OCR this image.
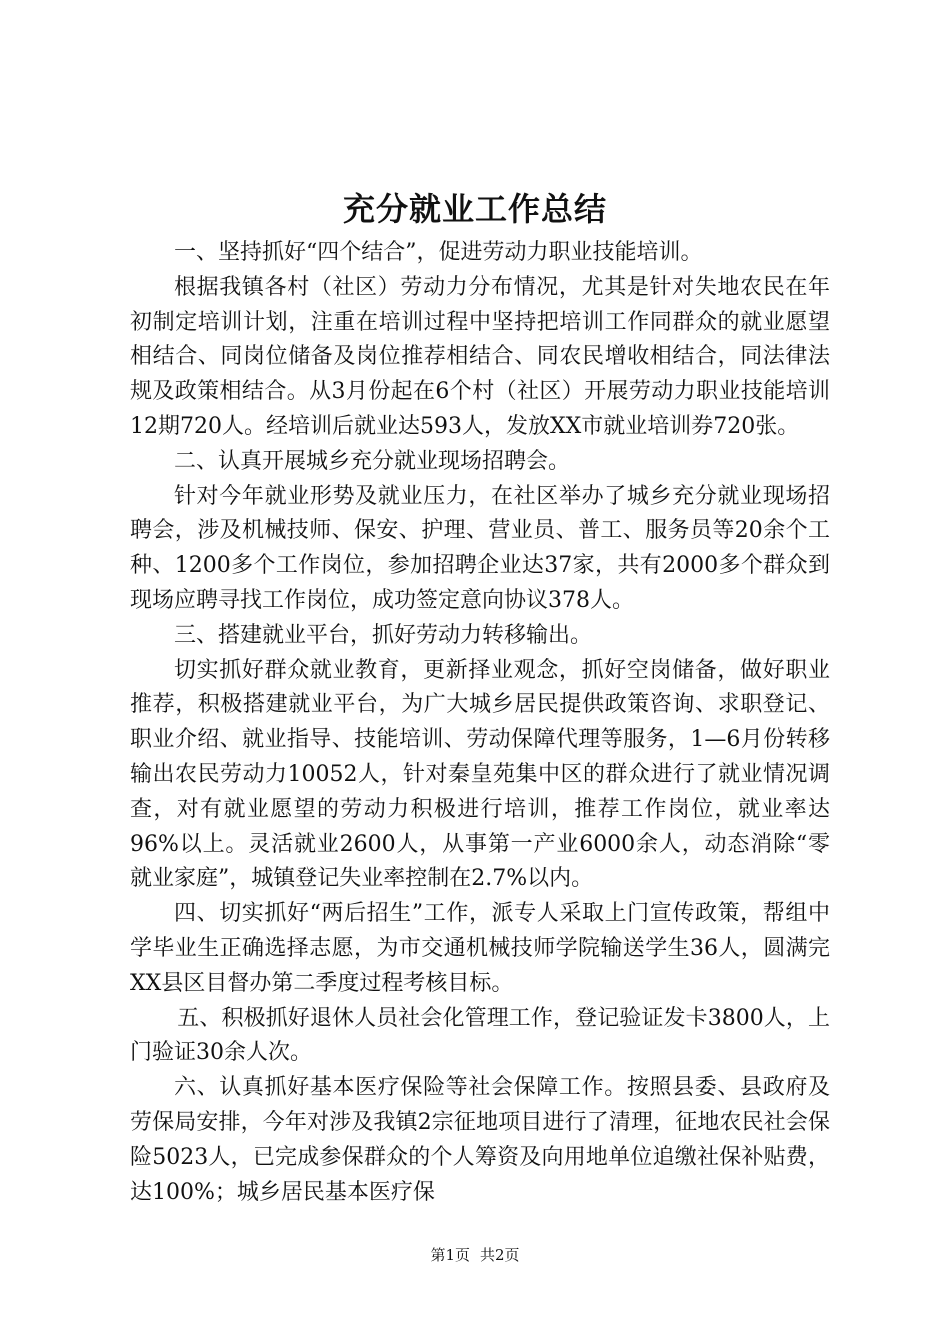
充分就业工作总结

一、坚持抓好“四个结合”，促进劳动力职业技能培训。

根据我镇各村（社区）劳动力分布情况，尤其是针对失地农民在年初制定培训计划，注重在培训过程中坚持把培训工作同群众的就业愿望相结合、同岗位储备及岗位推荐相结合、同农民增收相结合，同法律法规及政策相结合。从3月份起在6个村（社区）开展劳动力职业技能培训12期720人。经培训后就业达593人，发放XX市就业培训券720张。

二、认真开展城乡充分就业现场招聘会。

针对今年就业形势及就业压力，在社区举办了城乡充分就业现场招聘会，涉及机械技师、保安、护理、营业员、普工、服务员等20余个工种、1200多个工作岗位，参加招聘企业达37家，共有2000多个群众到现场应聘寻找工作岗位，成功签定意向协议378人。

三、搭建就业平台，抓好劳动力转移输出。

切实抓好群众就业教育，更新择业观念，抓好空岗储备，做好职业推荐，积极搭建就业平台，为广大城乡居民提供政策咨询、求职登记、职业介绍、就业指导、技能培训、劳动保障代理等服务，1—6月份转移输出农民劳动力10052人，针对秦皇苑集中区的群众进行了就业情况调查，对有就业愿望的劳动力积极进行培训，推荐工作岗位，就业率达96%以上。灵活就业2600人，从事第一产业6000余人，动态消除“零就业家庭”，城镇登记失业率控制在2.7%以内。

四、切实抓好“两后招生”工作，派专人采取上门宣传政策，帮组中学毕业生正确选择志愿，为市交通机械技师学院输送学生36人，圆满完XX县区目督办第二季度过程考核目标。

五、积极抓好退休人员社会化管理工作，登记验证发卡3800人，上门验证30余人次。

六、认真抓好基本医疗保险等社会保障工作。按照县委、县政府及劳保局安排，今年对涉及我镇2宗征地项目进行了清理，征地农民社会保险5023人，已完成参保群众的个人筹资及向用地单位追缴社保补贴费，达100%；城乡居民基本医疗保

第1页 共2页
